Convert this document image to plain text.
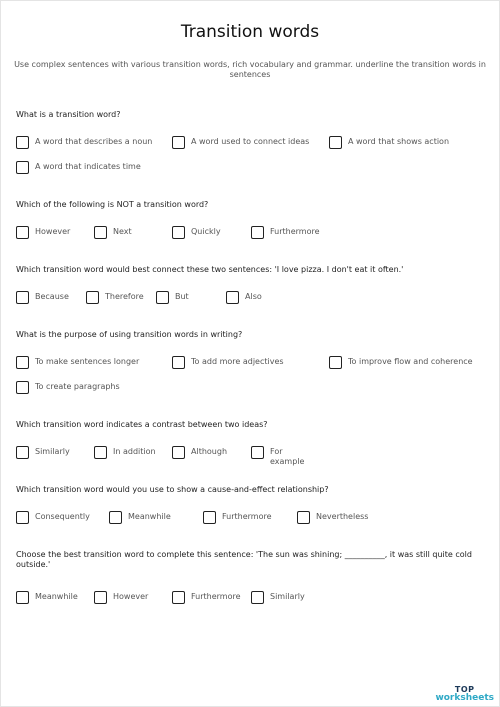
Transition words
Use complex sentences with various transition words, rich vocabulary and grammar. underline the transition words in sentences
What is a transition word?
A word that describes a noun	A word used to connect ideas	A word that shows action
A word that indicates time
Which of the following is NOT a transition word?
However	Next	Quickly	Furthermore
Which transition word would best connect these two sentences: 'I love pizza. I don't eat it often.'
Because	Therefore	But	Also
What is the purpose of using transition words in writing?
To make sentences longer	To add more adjectives	To improve flow and coherence
To create paragraphs
Which transition word indicates a contrast between two ideas?
Similarly	In addition	Although	For example
Which transition word would you use to show a cause-and-effect relationship?
Consequently	Meanwhile	Furthermore	Nevertheless
Choose the best transition word to complete this sentence: 'The sun was shining; __________, it was still quite cold outside.'
Meanwhile	However	Furthermore	Similarly
TOP
worksheets
